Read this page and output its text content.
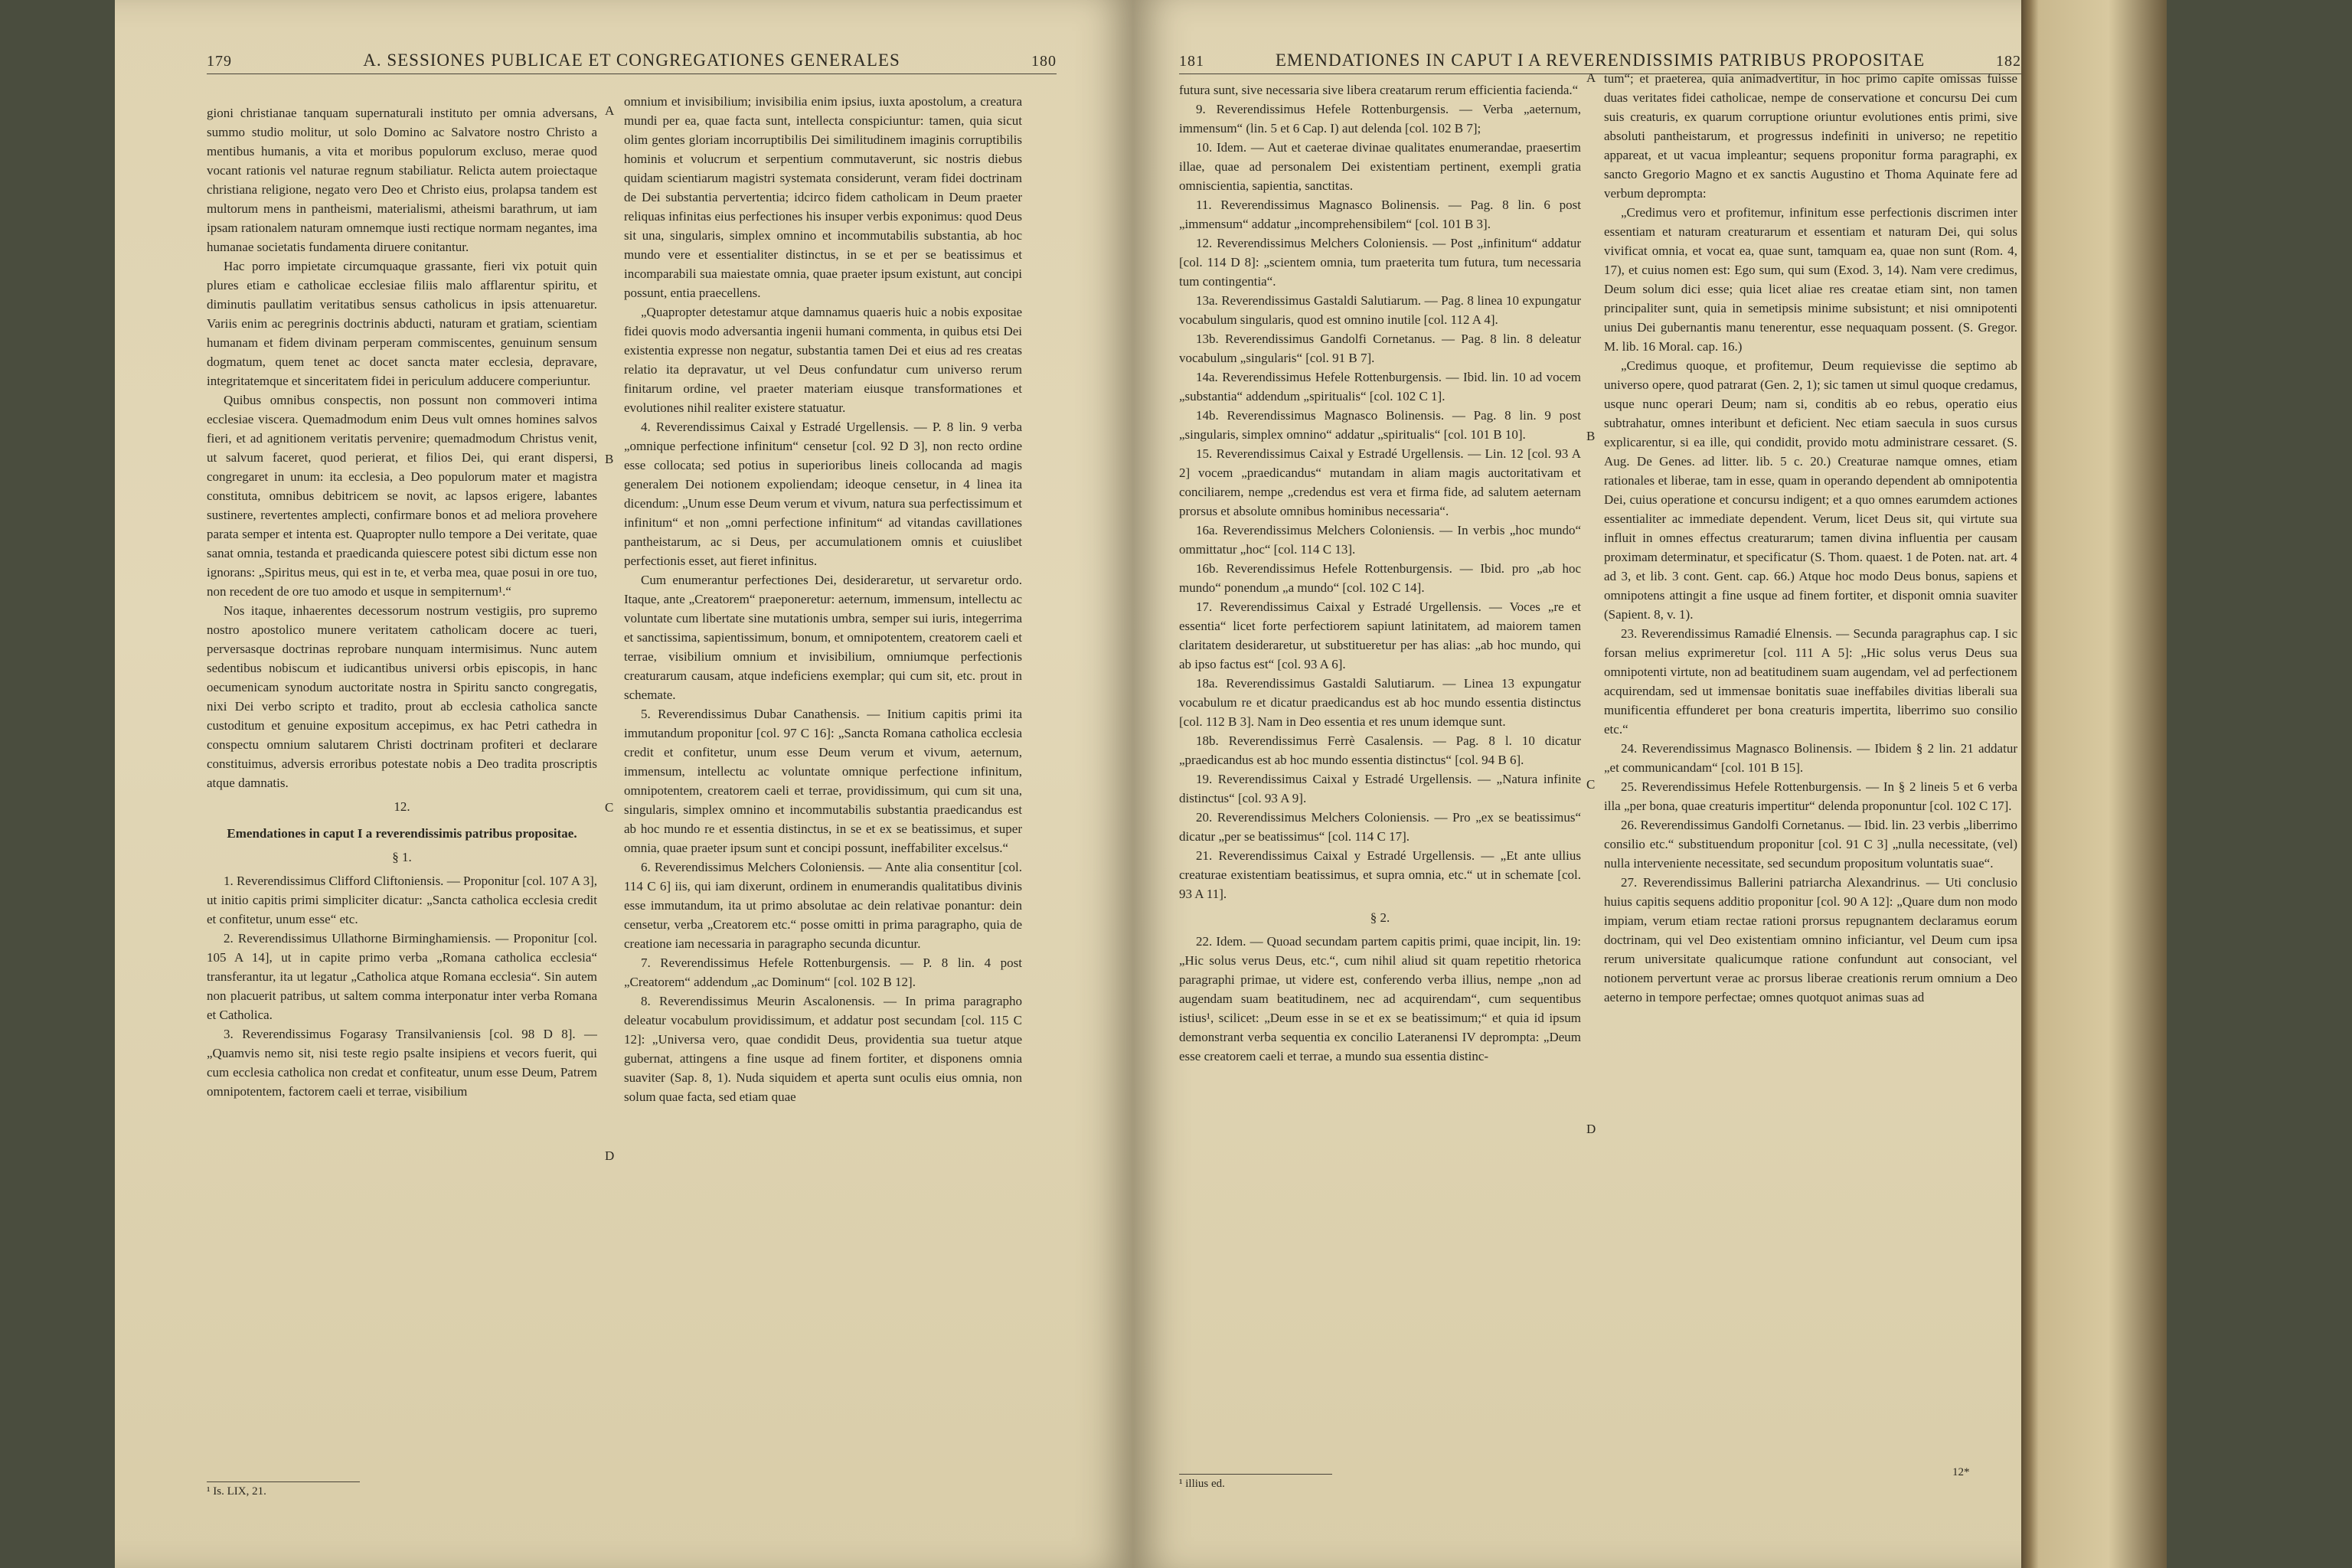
179	A. SESSIONES PUBLICAE ET CONGREGATIONES GENERALES	180

gioni christianae tanquam supernaturali instituto per omnia adversans, summo studio molitur, ut solo Domino ac Salvatore nostro Christo a mentibus humanis, a vita et moribus populorum excluso, merae quod vocant rationis vel naturae regnum stabiliatur. Relicta autem proiectaque christiana religione, negato vero Deo et Christo eius, prolapsa tandem est multorum mens in pantheismi, materialismi, atheismi barathrum, ut iam ipsam rationalem naturam omnemque iusti rectique normam negantes, ima humanae societatis fundamenta diruere conitantur.

Hac porro impietate circumquaque grassante, fieri vix potuit quin plures etiam e catholicae ecclesiae filiis malo afflarentur spiritu, et diminutis paullatim veritatibus sensus catholicus in ipsis attenuaretur. Variis enim ac peregrinis doctrinis abducti, naturam et gratiam, scientiam humanam et fidem divinam perperam commiscentes, genuinum sensum dogmatum, quem tenet ac docet sancta mater ecclesia, depravare, integritatemque et sinceritatem fidei in periculum adducere comperiuntur.

Quibus omnibus conspectis, non possunt non commoveri intima ecclesiae viscera. Quemadmodum enim Deus vult omnes homines salvos fieri, et ad agnitionem veritatis pervenire; quemadmodum Christus venit, ut salvum faceret, quod perierat, et filios Dei, qui erant dispersi, congregaret in unum: ita ecclesia, a Deo populorum mater et magistra constituta, omnibus debitricem se novit, ac lapsos erigere, labantes sustinere, revertentes amplecti, confirmare bonos et ad meliora provehere parata semper et intenta est. Quapropter nullo tempore a Dei veritate, quae sanat omnia, testanda et praedicanda quiescere potest sibi dictum esse non ignorans: „Spiritus meus, qui est in te, et verba mea, quae posui in ore tuo, non recedent de ore tuo amodo et usque in sempiternum¹.“

Nos itaque, inhaerentes decessorum nostrum vestigiis, pro supremo nostro apostolico munere veritatem catholicam docere ac tueri, perversasque doctrinas reprobare nunquam intermisimus. Nunc autem sedentibus nobiscum et iudicantibus universi orbis episcopis, in hanc oecumenicam synodum auctoritate nostra in Spiritu sancto congregatis, nixi Dei verbo scripto et tradito, prout ab ecclesia catholica sancte custoditum et genuine expositum accepimus, ex hac Petri cathedra in conspectu omnium salutarem Christi doctrinam profiteri et declarare constituimus, adversis erroribus potestate nobis a Deo tradita proscriptis atque damnatis.

12.

Emendationes in caput I a reverendissimis patribus propositae.

§ 1.

1. Reverendissimus Clifford Cliftoniensis. — Proponitur [col. 107 A 3], ut initio capitis primi simpliciter dicatur: „Sancta catholica ecclesia credit et confitetur, unum esse“ etc.

2. Reverendissimus Ullathorne Birminghamiensis. — Proponitur [col. 105 A 14], ut in capite primo verba „Romana catholica ecclesia“ transferantur, ita ut legatur „Catholica atque Romana ecclesia“. Sin autem non placuerit patribus, ut saltem comma interponatur inter verba Romana et Catholica.

3. Reverendissimus Fogarasy Transilvaniensis [col. 98 D 8]. — „Quamvis nemo sit, nisi teste regio psalte insipiens et vecors fuerit, qui cum ecclesia catholica non credat et confiteatur, unum esse Deum, Patrem omnipotentem, factorem caeli et terrae, visibilium

omnium et invisibilium; invisibilia enim ipsius, iuxta apostolum, a creatura mundi per ea, quae facta sunt, intellecta conspiciuntur: tamen, quia sicut olim gentes gloriam incorruptibilis Dei similitudinem imaginis corruptibilis hominis et volucrum et serpentium commutaverunt, sic nostris diebus quidam scientiarum magistri systemata considerunt, veram fidei doctrinam de Dei substantia pervertentia; idcirco fidem catholicam in Deum praeter reliquas infinitas eius perfectiones his insuper verbis exponimus: quod Deus sit una, singularis, simplex omnino et incommutabilis substantia, ab hoc mundo vere et essentialiter distinctus, in se et per se beatissimus et incomparabili sua maiestate omnia, quae praeter ipsum existunt, aut concipi possunt, entia praecellens.

„Quapropter detestamur atque damnamus quaeris huic a nobis expositae fidei quovis modo adversantia ingenii humani commenta, in quibus etsi Dei existentia expresse non negatur, substantia tamen Dei et eius ad res creatas relatio ita depravatur, ut vel Deus confundatur cum universo rerum finitarum ordine, vel praeter materiam eiusque transformationes et evolutiones nihil realiter existere statuatur.

4. Reverendissimus Caixal y Estradé Urgellensis. — P. 8 lin. 9 verba „omnique perfectione infinitum“ censetur [col. 92 D 3], non recto ordine esse collocata; sed potius in superioribus lineis collocanda ad magis generalem Dei notionem expoliendam; ideoque censetur, in 4 linea ita dicendum: „Unum esse Deum verum et vivum, natura sua perfectissimum et infinitum“ et non „omni perfectione infinitum“ ad vitandas cavillationes pantheistarum, ac si Deus, per accumulationem omnis et cuiuslibet perfectionis esset, aut fieret infinitus.

Cum enumerantur perfectiones Dei, desideraretur, ut servaretur ordo. Itaque, ante „Creatorem“ praeponeretur: aeternum, immensum, intellectu ac voluntate cum libertate sine mutationis umbra, semper sui iuris, integerrima et sanctissima, sapientissimum, bonum, et omnipotentem, creatorem caeli et terrae, visibilium omnium et invisibilium, omniumque perfectionis creaturarum causam, atque indeficiens exemplar; qui cum sit, etc. prout in schemate.

5. Reverendissimus Dubar Canathensis. — Initium capitis primi ita immutandum proponitur [col. 97 C 16]: „Sancta Romana catholica ecclesia credit et confitetur, unum esse Deum verum et vivum, aeternum, immensum, intellectu ac voluntate omnique perfectione infinitum, omnipotentem, creatorem caeli et terrae, providissimum, qui cum sit una, singularis, simplex omnino et incommutabilis substantia praedicandus est ab hoc mundo re et essentia distinctus, in se et ex se beatissimus, et super omnia, quae praeter ipsum sunt et concipi possunt, ineffabiliter excelsus.“

6. Reverendissimus Melchers Coloniensis. — Ante alia consentitur [col. 114 C 6] iis, qui iam dixerunt, ordinem in enumerandis qualitatibus divinis esse immutandum, ita ut primo absolutae ac dein relativae ponantur: dein censetur, verba „Creatorem etc.“ posse omitti in prima paragrapho, quia de creatione iam necessaria in paragrapho secunda dicuntur.

7. Reverendissimus Hefele Rottenburgensis. — P. 8 lin. 4 post „Creatorem“ addendum „ac Dominum“ [col. 102 B 12].

8. Reverendissimus Meurin Ascalonensis. — In prima paragrapho deleatur vocabulum providissimum, et addatur post secundam [col. 115 C 12]: „Universa vero, quae condidit Deus, providentia sua tuetur atque gubernat, attingens a fine usque ad finem fortiter, et disponens omnia suaviter (Sap. 8, 1). Nuda siquidem et aperta sunt oculis eius omnia, non solum quae facta, sed etiam quae

A
B
C
D
¹ Is. LIX, 21.
181	EMENDATIONES IN CAPUT I A REVERENDISSIMIS PATRIBUS PROPOSITAE	182

futura sunt, sive necessaria sive libera creatarum rerum efficientia facienda.“

9. Reverendissimus Hefele Rottenburgensis. — Verba „aeternum, immensum“ (lin. 5 et 6 Cap. I) aut delenda [col. 102 B 7];

10. Idem. — Aut et caeterae divinae qualitates enumerandae, praesertim illae, quae ad personalem Dei existentiam pertinent, exempli gratia omniscientia, sapientia, sanctitas.

11. Reverendissimus Magnasco Bolinensis. — Pag. 8 lin. 6 post „immensum“ addatur „incomprehensibilem“ [col. 101 B 3].

12. Reverendissimus Melchers Coloniensis. — Post „infinitum“ addatur [col. 114 D 8]: „scientem omnia, tum praeterita tum futura, tum necessaria tum contingentia“.

13a. Reverendissimus Gastaldi Salutiarum. — Pag. 8 linea 10 expungatur vocabulum singularis, quod est omnino inutile [col. 112 A 4].

13b. Reverendissimus Gandolfi Cornetanus. — Pag. 8 lin. 8 deleatur vocabulum „singularis“ [col. 91 B 7].

14a. Reverendissimus Hefele Rottenburgensis. — Ibid. lin. 10 ad vocem „substantia“ addendum „spiritualis“ [col. 102 C 1].

14b. Reverendissimus Magnasco Bolinensis. — Pag. 8 lin. 9 post „singularis, simplex omnino“ addatur „spiritualis“ [col. 101 B 10].

15. Reverendissimus Caixal y Estradé Urgellensis. — Lin. 12 [col. 93 A 2] vocem „praedicandus“ mutandam in aliam magis auctoritativam et conciliarem, nempe „credendus est vera et firma fide, ad salutem aeternam prorsus et absolute omnibus hominibus necessaria“.

16a. Reverendissimus Melchers Coloniensis. — In verbis „hoc mundo“ ommittatur „hoc“ [col. 114 C 13].

16b. Reverendissimus Hefele Rottenburgensis. — Ibid. pro „ab hoc mundo“ ponendum „a mundo“ [col. 102 C 14].

17. Reverendissimus Caixal y Estradé Urgellensis. — Voces „re et essentia“ licet forte perfectiorem sapiunt latinitatem, ad maiorem tamen claritatem desideraretur, ut substitueretur per has alias: „ab hoc mundo, qui ab ipso factus est“ [col. 93 A 6].

18a. Reverendissimus Gastaldi Salutiarum. — Linea 13 expungatur vocabulum re et dicatur praedicandus est ab hoc mundo essentia distinctus [col. 112 B 3]. Nam in Deo essentia et res unum idemque sunt.

18b. Reverendissimus Ferrè Casalensis. — Pag. 8 l. 10 dicatur „praedicandus est ab hoc mundo essentia distinctus“ [col. 94 B 6].

19. Reverendissimus Caixal y Estradé Urgellensis. — „Natura infinite distinctus“ [col. 93 A 9].

20. Reverendissimus Melchers Coloniensis. — Pro „ex se beatissimus“ dicatur „per se beatissimus“ [col. 114 C 17].

21. Reverendissimus Caixal y Estradé Urgellensis. — „Et ante ullius creaturae existentiam beatissimus, et supra omnia, etc.“ ut in schemate [col. 93 A 11].

§ 2.

22. Idem. — Quoad secundam partem capitis primi, quae incipit, lin. 19: „Hic solus verus Deus, etc.“, cum nihil aliud sit quam repetitio rhetorica paragraphi primae, ut videre est, conferendo verba illius, nempe „non ad augendam suam beatitudinem, nec ad acquirendam“, cum sequentibus istius¹, scilicet: „Deum esse in se et ex se beatissimum;“ et quia id ipsum demonstrant verba sequentia ex concilio Lateranensi IV deprompta: „Deum esse creatorem caeli et terrae, a mundo sua essentia distinc-

tum“; et praeterea, quia animadvertitur, in hoc primo capite omissas fuisse duas veritates fidei catholicae, nempe de conservatione et concursu Dei cum suis creaturis, ex quarum corruptione oriuntur evolutiones entis primi, sive absoluti pantheistarum, et progressus indefiniti in universo; ne repetitio appareat, et ut vacua impleantur; sequens proponitur forma paragraphi, ex sancto Gregorio Magno et ex sanctis Augustino et Thoma Aquinate fere ad verbum deprompta:

„Credimus vero et profitemur, infinitum esse perfectionis discrimen inter essentiam et naturam creaturarum et essentiam et naturam Dei, qui solus vivificat omnia, et vocat ea, quae sunt, tamquam ea, quae non sunt (Rom. 4, 17), et cuius nomen est: Ego sum, qui sum (Exod. 3, 14). Nam vere credimus, Deum solum dici esse; quia licet aliae res creatae etiam sint, non tamen principaliter sunt, quia in semetipsis minime subsistunt; et nisi omnipotenti unius Dei gubernantis manu tenerentur, esse nequaquam possent. (S. Gregor. M. lib. 16 Moral. cap. 16.)

„Credimus quoque, et profitemur, Deum requievisse die septimo ab universo opere, quod patrarat (Gen. 2, 1); sic tamen ut simul quoque credamus, usque nunc operari Deum; nam si, conditis ab eo rebus, operatio eius subtrahatur, omnes interibunt et deficient. Nec etiam saecula in suos cursus explicarentur, si ea ille, qui condidit, provido motu administrare cessaret. (S. Aug. De Genes. ad litter. lib. 5 c. 20.) Creaturae namque omnes, etiam rationales et liberae, tam in esse, quam in operando dependent ab omnipotentia Dei, cuius operatione et concursu indigent; et a quo omnes earumdem actiones essentialiter ac immediate dependent. Verum, licet Deus sit, qui virtute sua influit in omnes effectus creaturarum; tamen divina influentia per causam proximam determinatur, et specificatur (S. Thom. quaest. 1 de Poten. nat. art. 4 ad 3, et lib. 3 cont. Gent. cap. 66.) Atque hoc modo Deus bonus, sapiens et omnipotens attingit a fine usque ad finem fortiter, et disponit omnia suaviter (Sapient. 8, v. 1).

23. Reverendissimus Ramadié Elnensis. — Secunda paragraphus cap. I sic forsan melius exprimeretur [col. 111 A 5]: „Hic solus verus Deus sua omnipotenti virtute, non ad beatitudinem suam augendam, vel ad perfectionem acquirendam, sed ut immensae bonitatis suae ineffabiles divitias liberali sua munificentia effunderet per bona creaturis impertita, liberrimo suo consilio etc.“

24. Reverendissimus Magnasco Bolinensis. — Ibidem § 2 lin. 21 addatur „et communicandam“ [col. 101 B 15].

25. Reverendissimus Hefele Rottenburgensis. — In § 2 lineis 5 et 6 verba illa „per bona, quae creaturis impertitur“ delenda proponuntur [col. 102 C 17].

26. Reverendissimus Gandolfi Cornetanus. — Ibid. lin. 23 verbis „liberrimo consilio etc.“ substituendum proponitur [col. 91 C 3] „nulla necessitate, (vel) nulla interveniente necessitate, sed secundum propositum voluntatis suae“.

27. Reverendissimus Ballerini patriarcha Alexandrinus. — Uti conclusio huius capitis sequens additio proponitur [col. 90 A 12]: „Quare dum non modo impiam, verum etiam rectae rationi prorsus repugnantem declaramus eorum doctrinam, qui vel Deo existentiam omnino inficiantur, vel Deum cum ipsa rerum universitate qualicumque ratione confundunt aut consociant, vel notionem pervertunt verae ac prorsus liberae creationis rerum omnium a Deo aeterno in tempore perfectae; omnes quotquot animas suas ad

A
B
C
D
¹ illius ed.
12*
